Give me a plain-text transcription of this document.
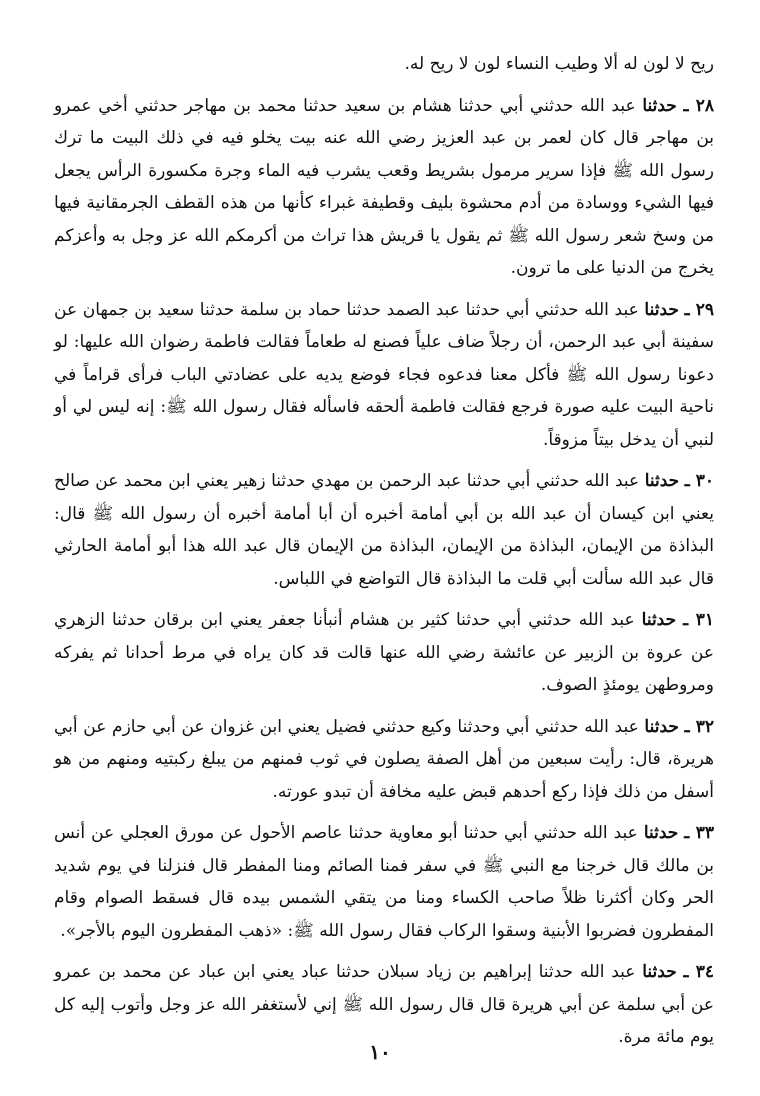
ريح لا لون له ألا وطيب النساء لون لا ريح له.

٢٨ ـ حدثنا عبد الله حدثني أبي حدثنا هشام بن سعيد حدثنا محمد بن مهاجر حدثني أخي عمرو بن مهاجر قال كان لعمر بن عبد العزيز رضي الله عنه بيت يخلو فيه في ذلك البيت ما ترك رسول الله ﷺ فإذا سرير مرمول بشريط وقعب يشرب فيه الماء وجرة مكسورة الرأس يجعل فيها الشيء ووسادة من أدم محشوة بليف وقطيفة غبراء كأنها من هذه القطف الجرمقانية فيها من وسخ شعر رسول الله ﷺ ثم يقول يا قريش هذا تراث من أكرمكم الله عز وجل به وأعزكم يخرج من الدنيا على ما ترون.

٢٩ ـ حدثنا عبد الله حدثني أبي حدثنا عبد الصمد حدثنا حماد بن سلمة حدثنا سعيد بن جمهان عن سفينة أبي عبد الرحمن، أن رجلاً ضاف علياً فصنع له طعاماً فقالت فاطمة رضوان الله عليها: لو دعونا رسول الله ﷺ فأكل معنا فدعوه فجاء فوضع يديه على عضادتي الباب فرأى قراماً في ناحية البيت عليه صورة فرجع فقالت فاطمة ألحقه فاسأله فقال رسول الله ﷺ: إنه ليس لي أو لنبي أن يدخل بيتاً مزوقاً.

٣٠ ـ حدثنا عبد الله حدثني أبي حدثنا عبد الرحمن بن مهدي حدثنا زهير يعني ابن محمد عن صالح يعني ابن كيسان أن عبد الله بن أبي أمامة أخبره أن أبا أمامة أخبره أن رسول الله ﷺ قال: البذاذة من الإيمان، البذاذة من الإيمان، البذاذة من الإيمان قال عبد الله هذا أبو أمامة الحارثي قال عبد الله سألت أبي قلت ما البذاذة قال التواضع في اللباس.

٣١ ـ حدثنا عبد الله حدثني أبي حدثنا كثير بن هشام أنبأنا جعفر يعني ابن برقان حدثنا الزهري عن عروة بن الزبير عن عائشة رضي الله عنها قالت قد كان يراه في مرط أحدانا ثم يفركه ومروطهن يومئذٍ الصوف.

٣٢ ـ حدثنا عبد الله حدثني أبي وحدثنا وكيع حدثني فضيل يعني ابن غزوان عن أبي حازم عن أبي هريرة، قال: رأيت سبعين من أهل الصفة يصلون في ثوب فمنهم من يبلغ ركبتيه ومنهم من هو أسفل من ذلك فإذا ركع أحدهم قبض عليه مخافة أن تبدو عورته.

٣٣ ـ حدثنا عبد الله حدثني أبي حدثنا أبو معاوية حدثنا عاصم الأحول عن مورق العجلي عن أنس بن مالك قال خرجنا مع النبي ﷺ في سفر فمنا الصائم ومنا المفطر قال فنزلنا في يوم شديد الحر وكان أكثرنا ظلاً صاحب الكساء ومنا من يتقي الشمس بيده قال فسقط الصوام وقام المفطرون فضربوا الأبنية وسقوا الركاب فقال رسول الله ﷺ: «ذهب المفطرون اليوم بالأجر».

٣٤ ـ حدثنا عبد الله حدثنا إبراهيم بن زياد سبلان حدثنا عباد يعني ابن عباد عن محمد بن عمرو عن أبي سلمة عن أبي هريرة قال قال رسول الله ﷺ إني لأستغفر الله عز وجل وأتوب إليه كل يوم مائة مرة.

١٠
